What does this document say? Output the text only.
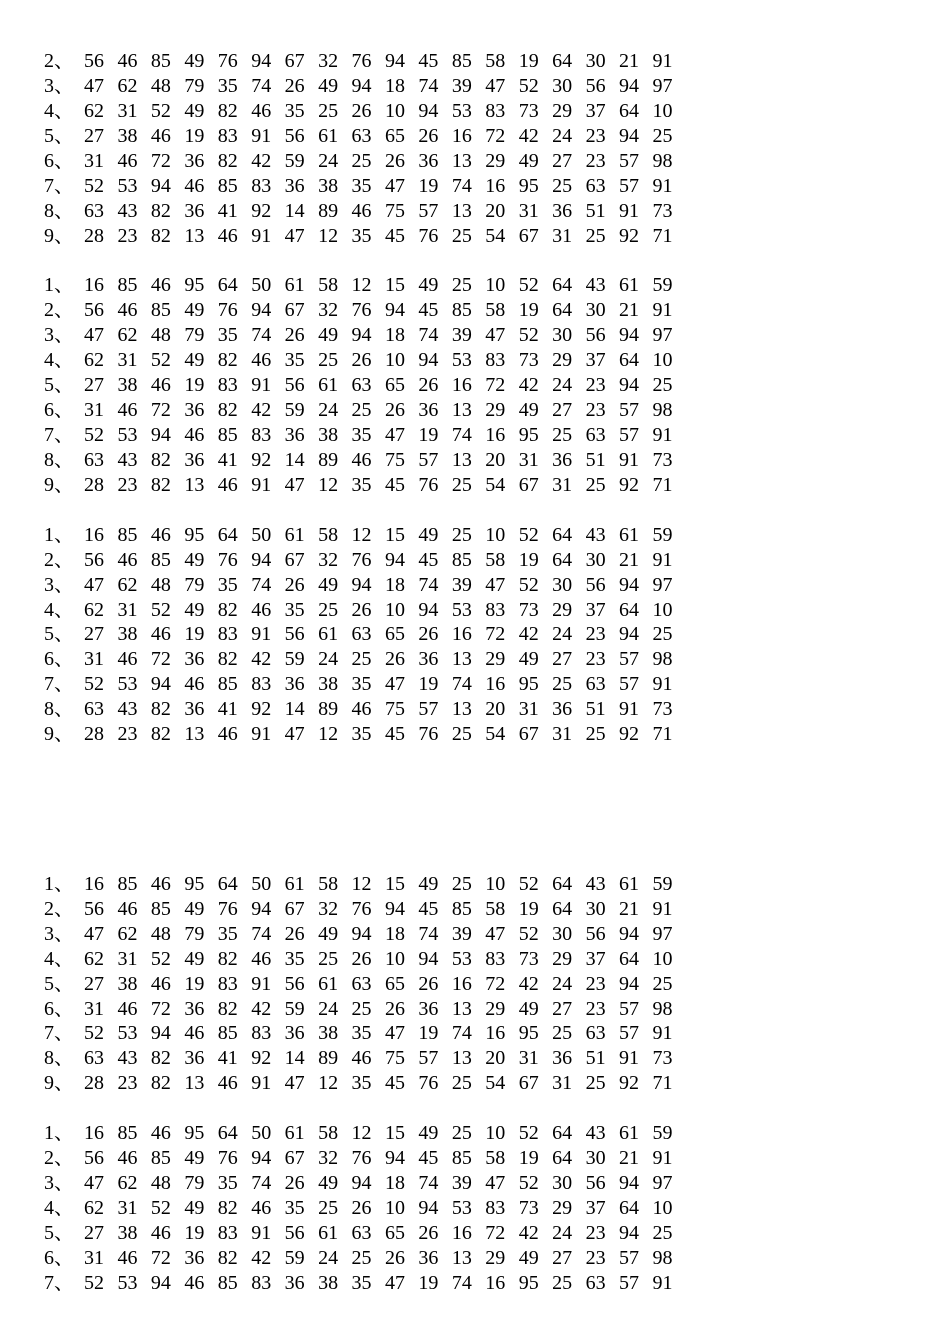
2、 56 46 85 49 76 94 67 32 76 94 45 85 58 19 64 30 21 91
3、 47 62 48 79 35 74 26 49 94 18 74 39 47 52 30 56 94 97
4、 62 31 52 49 82 46 35 25 26 10 94 53 83 73 29 37 64 10
5、 27 38 46 19 83 91 56 61 63 65 26 16 72 42 24 23 94 25
6、 31 46 72 36 82 42 59 24 25 26 36 13 29 49 27 23 57 98
7、 52 53 94 46 85 83 36 38 35 47 19 74 16 95 25 63 57 91
8、 63 43 82 36 41 92 14 89 46 75 57 13 20 31 36 51 91 73
9、 28 23 82 13 46 91 47 12 35 45 76 25 54 67 31 25 92 71
1、 16 85 46 95 64 50 61 58 12 15 49 25 10 52 64 43 61 59
2、 56 46 85 49 76 94 67 32 76 94 45 85 58 19 64 30 21 91
3、 47 62 48 79 35 74 26 49 94 18 74 39 47 52 30 56 94 97
4、 62 31 52 49 82 46 35 25 26 10 94 53 83 73 29 37 64 10
5、 27 38 46 19 83 91 56 61 63 65 26 16 72 42 24 23 94 25
6、 31 46 72 36 82 42 59 24 25 26 36 13 29 49 27 23 57 98
7、 52 53 94 46 85 83 36 38 35 47 19 74 16 95 25 63 57 91
8、 63 43 82 36 41 92 14 89 46 75 57 13 20 31 36 51 91 73
9、 28 23 82 13 46 91 47 12 35 45 76 25 54 67 31 25 92 71
1、 16 85 46 95 64 50 61 58 12 15 49 25 10 52 64 43 61 59
2、 56 46 85 49 76 94 67 32 76 94 45 85 58 19 64 30 21 91
3、 47 62 48 79 35 74 26 49 94 18 74 39 47 52 30 56 94 97
4、 62 31 52 49 82 46 35 25 26 10 94 53 83 73 29 37 64 10
5、 27 38 46 19 83 91 56 61 63 65 26 16 72 42 24 23 94 25
6、 31 46 72 36 82 42 59 24 25 26 36 13 29 49 27 23 57 98
7、 52 53 94 46 85 83 36 38 35 47 19 74 16 95 25 63 57 91
8、 63 43 82 36 41 92 14 89 46 75 57 13 20 31 36 51 91 73
9、 28 23 82 13 46 91 47 12 35 45 76 25 54 67 31 25 92 71
1、 16 85 46 95 64 50 61 58 12 15 49 25 10 52 64 43 61 59
2、 56 46 85 49 76 94 67 32 76 94 45 85 58 19 64 30 21 91
3、 47 62 48 79 35 74 26 49 94 18 74 39 47 52 30 56 94 97
4、 62 31 52 49 82 46 35 25 26 10 94 53 83 73 29 37 64 10
5、 27 38 46 19 83 91 56 61 63 65 26 16 72 42 24 23 94 25
6、 31 46 72 36 82 42 59 24 25 26 36 13 29 49 27 23 57 98
7、 52 53 94 46 85 83 36 38 35 47 19 74 16 95 25 63 57 91
8、 63 43 82 36 41 92 14 89 46 75 57 13 20 31 36 51 91 73
9、 28 23 82 13 46 91 47 12 35 45 76 25 54 67 31 25 92 71
1、 16 85 46 95 64 50 61 58 12 15 49 25 10 52 64 43 61 59
2、 56 46 85 49 76 94 67 32 76 94 45 85 58 19 64 30 21 91
3、 47 62 48 79 35 74 26 49 94 18 74 39 47 52 30 56 94 97
4、 62 31 52 49 82 46 35 25 26 10 94 53 83 73 29 37 64 10
5、 27 38 46 19 83 91 56 61 63 65 26 16 72 42 24 23 94 25
6、 31 46 72 36 82 42 59 24 25 26 36 13 29 49 27 23 57 98
7、 52 53 94 46 85 83 36 38 35 47 19 74 16 95 25 63 57 91
